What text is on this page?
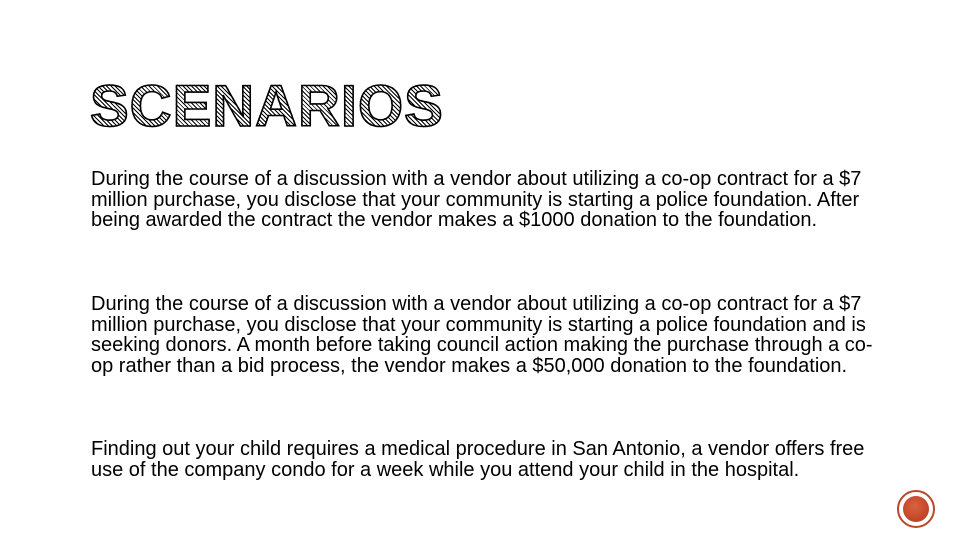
SCENARIOS

During the course of a discussion with a vendor about utilizing a co-op contract for a $7 million purchase, you disclose that your community is starting a police foundation. After being awarded the contract the vendor makes a $1000 donation to the foundation.

During the course of a discussion with a vendor about utilizing a co-op contract for a $7 million purchase, you disclose that your community is starting a police foundation and is seeking donors. A month before taking council action making the purchase through a co-op rather than a bid process, the vendor makes a $50,000 donation to the foundation.

Finding out your child requires a medical procedure in San Antonio, a vendor offers free use of the company condo for a week while you attend your child in the hospital.
